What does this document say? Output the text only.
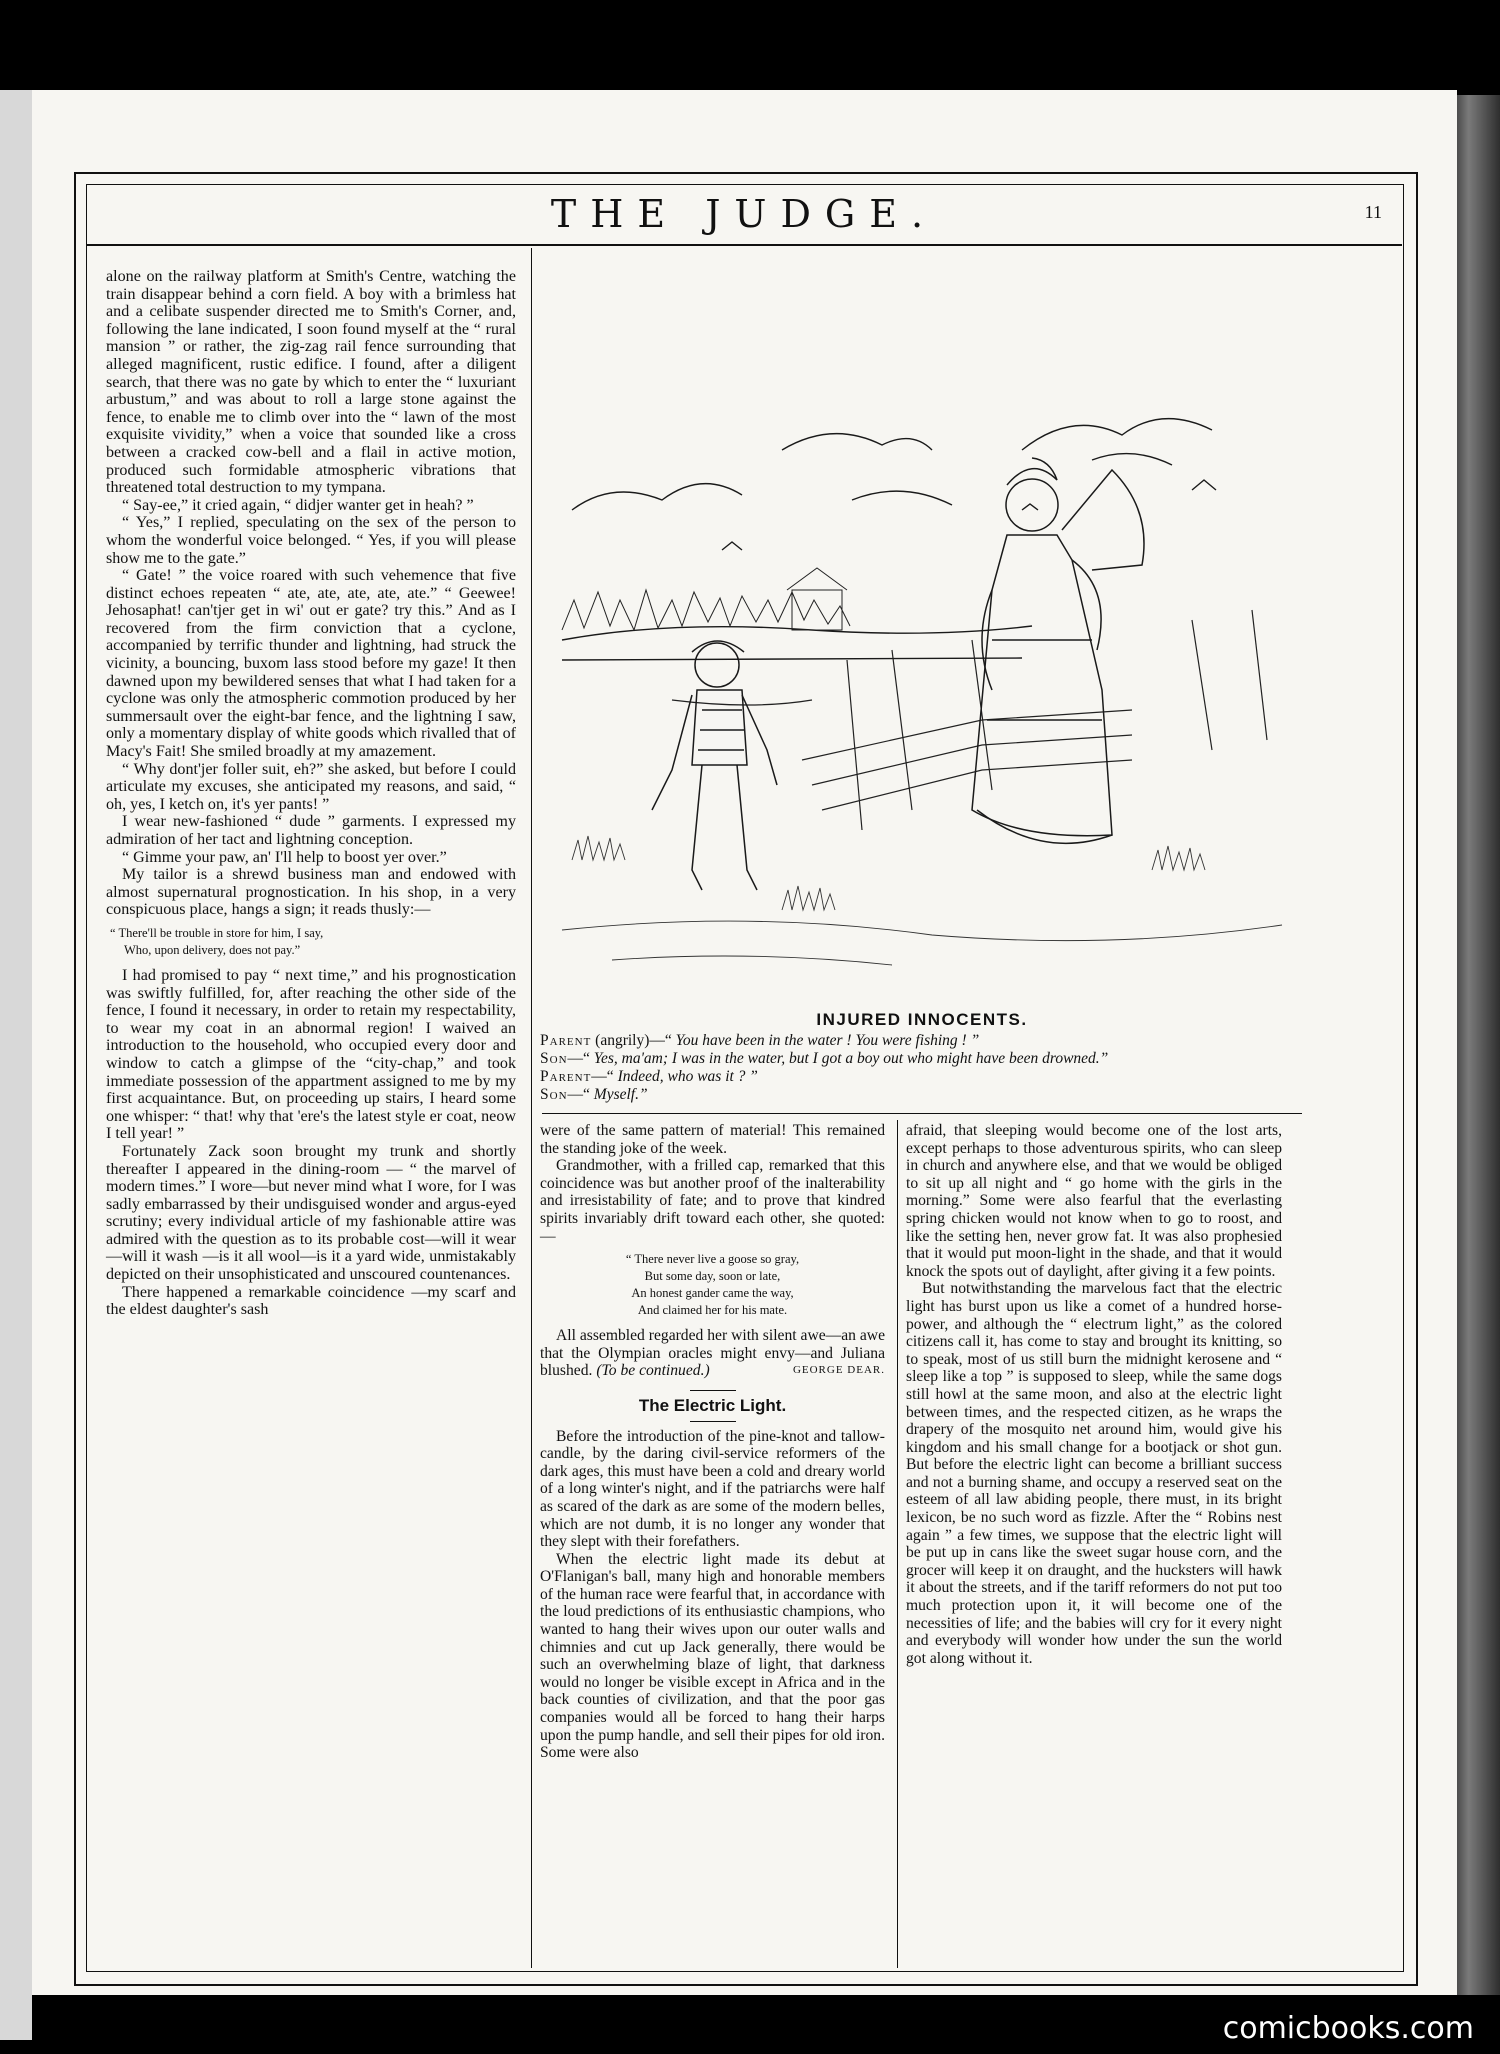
THE JUDGE.	11

alone on the railway platform at Smith's Centre, watching the train disappear behind a corn field. A boy with a brimless hat and a celibate suspender directed me to Smith's Corner, and, following the lane indicated, I soon found myself at the “ rural mansion ” or rather, the zig-zag rail fence surrounding that alleged magnificent, rustic edifice. I found, after a diligent search, that there was no gate by which to enter the “ luxuriant arbustum,” and was about to roll a large stone against the fence, to enable me to climb over into the “ lawn of the most exquisite vividity,” when a voice that sounded like a cross between a cracked cow-bell and a flail in active motion, produced such formidable atmospheric vibrations that threatened total destruction to my tympana.

“ Say-ee,” it cried again, “ didjer wanter get in heah? ”

“ Yes,” I replied, speculating on the sex of the person to whom the wonderful voice belonged. “ Yes, if you will please show me to the gate.”

“ Gate! ” the voice roared with such vehemence that five distinct echoes repeaten “ ate, ate, ate, ate, ate.” “ Geewee! Jehosaphat! can'tjer get in wi' out er gate? try this.” And as I recovered from the firm conviction that a cyclone, accompanied by terrific thunder and lightning, had struck the vicinity, a bouncing, buxom lass stood before my gaze! It then dawned upon my bewildered senses that what I had taken for a cyclone was only the atmospheric commotion produced by her summersault over the eight-bar fence, and the lightning I saw, only a momentary display of white goods which rivalled that of Macy's Fait! She smiled broadly at my amazement.

“ Why dont'jer foller suit, eh?” she asked, but before I could articulate my excuses, she anticipated my reasons, and said, “ oh, yes, I ketch on, it's yer pants! ”

I wear new-fashioned “ dude ” garments. I expressed my admiration of her tact and lightning conception.

“ Gimme your paw, an' I'll help to boost yer over.”

My tailor is a shrewd business man and endowed with almost supernatural prognostication. In his shop, in a very conspicuous place, hangs a sign; it reads thusly:—

“ There'll be trouble in store for him, I say,
Who, upon delivery, does not pay.”

I had promised to pay “ next time,” and his prognostication was swiftly fulfilled, for, after reaching the other side of the fence, I found it necessary, in order to retain my respectability, to wear my coat in an abnormal region! I waived an introduction to the household, who occupied every door and window to catch a glimpse of the “city-chap,” and took immediate possession of the appartment assigned to me by my first acquaintance. But, on proceeding up stairs, I heard some one whisper: “ that! why that 'ere's the latest style er coat, neow I tell year! ”

Fortunately Zack soon brought my trunk and shortly thereafter I appeared in the dining-room — “ the marvel of modern times.” I wore—but never mind what I wore, for I was sadly embarrassed by their undisguised wonder and argus-eyed scrutiny; every individual article of my fashionable attire was admired with the question as to its probable cost—will it wear—will it wash —is it all wool—is it a yard wide, unmistakably depicted on their unsophisticated and unscoured countenances.

There happened a remarkable coincidence —my scarf and the eldest daughter's sash

INJURED INNOCENTS.

Parent (angrily)—“ You have been in the water ! You were fishing ! ”

Son—“ Yes, ma'am; I was in the water, but I got a boy out who might have been drowned.”

Parent—“ Indeed, who was it ? ”

Son—“ Myself.”

were of the same pattern of material! This remained the standing joke of the week.

Grandmother, with a frilled cap, remarked that this coincidence was but another proof of the inalterability and irresistability of fate; and to prove that kindred spirits invariably drift toward each other, she quoted:—

“ There never live a goose so gray,
But some day, soon or late,
An honest gander came the way,
And claimed her for his mate.

All assembled regarded her with silent awe—an awe that the Olympian oracles might envy—and Juliana blushed. (To be continued.)	GEORGE DEAR.

The Electric Light.

Before the introduction of the pine-knot and tallow-candle, by the daring civil-service reformers of the dark ages, this must have been a cold and dreary world of a long winter's night, and if the patriarchs were half as scared of the dark as are some of the modern belles, which are not dumb, it is no longer any wonder that they slept with their forefathers.

When the electric light made its debut at O'Flanigan's ball, many high and honorable members of the human race were fearful that, in accordance with the loud predictions of its enthusiastic champions, who wanted to hang their wives upon our outer walls and chimnies and cut up Jack generally, there would be such an overwhelming blaze of light, that darkness would no longer be visible except in Africa and in the back counties of civilization, and that the poor gas companies would all be forced to hang their harps upon the pump handle, and sell their pipes for old iron. Some were also

afraid, that sleeping would become one of the lost arts, except perhaps to those adventurous spirits, who can sleep in church and anywhere else, and that we would be obliged to sit up all night and “ go home with the girls in the morning.” Some were also fearful that the everlasting spring chicken would not know when to go to roost, and like the setting hen, never grow fat. It was also prophesied that it would put moon-light in the shade, and that it would knock the spots out of daylight, after giving it a few points.

But notwithstanding the marvelous fact that the electric light has burst upon us like a comet of a hundred horse-power, and although the “ electrum light,” as the colored citizens call it, has come to stay and brought its knitting, so to speak, most of us still burn the midnight kerosene and “ sleep like a top ” is supposed to sleep, while the same dogs still howl at the same moon, and also at the electric light between times, and the respected citizen, as he wraps the drapery of the mosquito net around him, would give his kingdom and his small change for a bootjack or shot gun. But before the electric light can become a brilliant success and not a burning shame, and occupy a reserved seat on the esteem of all law abiding people, there must, in its bright lexicon, be no such word as fizzle. After the “ Robins nest again ” a few times, we suppose that the electric light will be put up in cans like the sweet sugar house corn, and the grocer will keep it on draught, and the hucksters will hawk it about the streets, and if the tariff reformers do not put too much protection upon it, it will become one of the necessities of life; and the babies will cry for it every night and everybody will wonder how under the sun the world got along without it.

comicbooks.com
